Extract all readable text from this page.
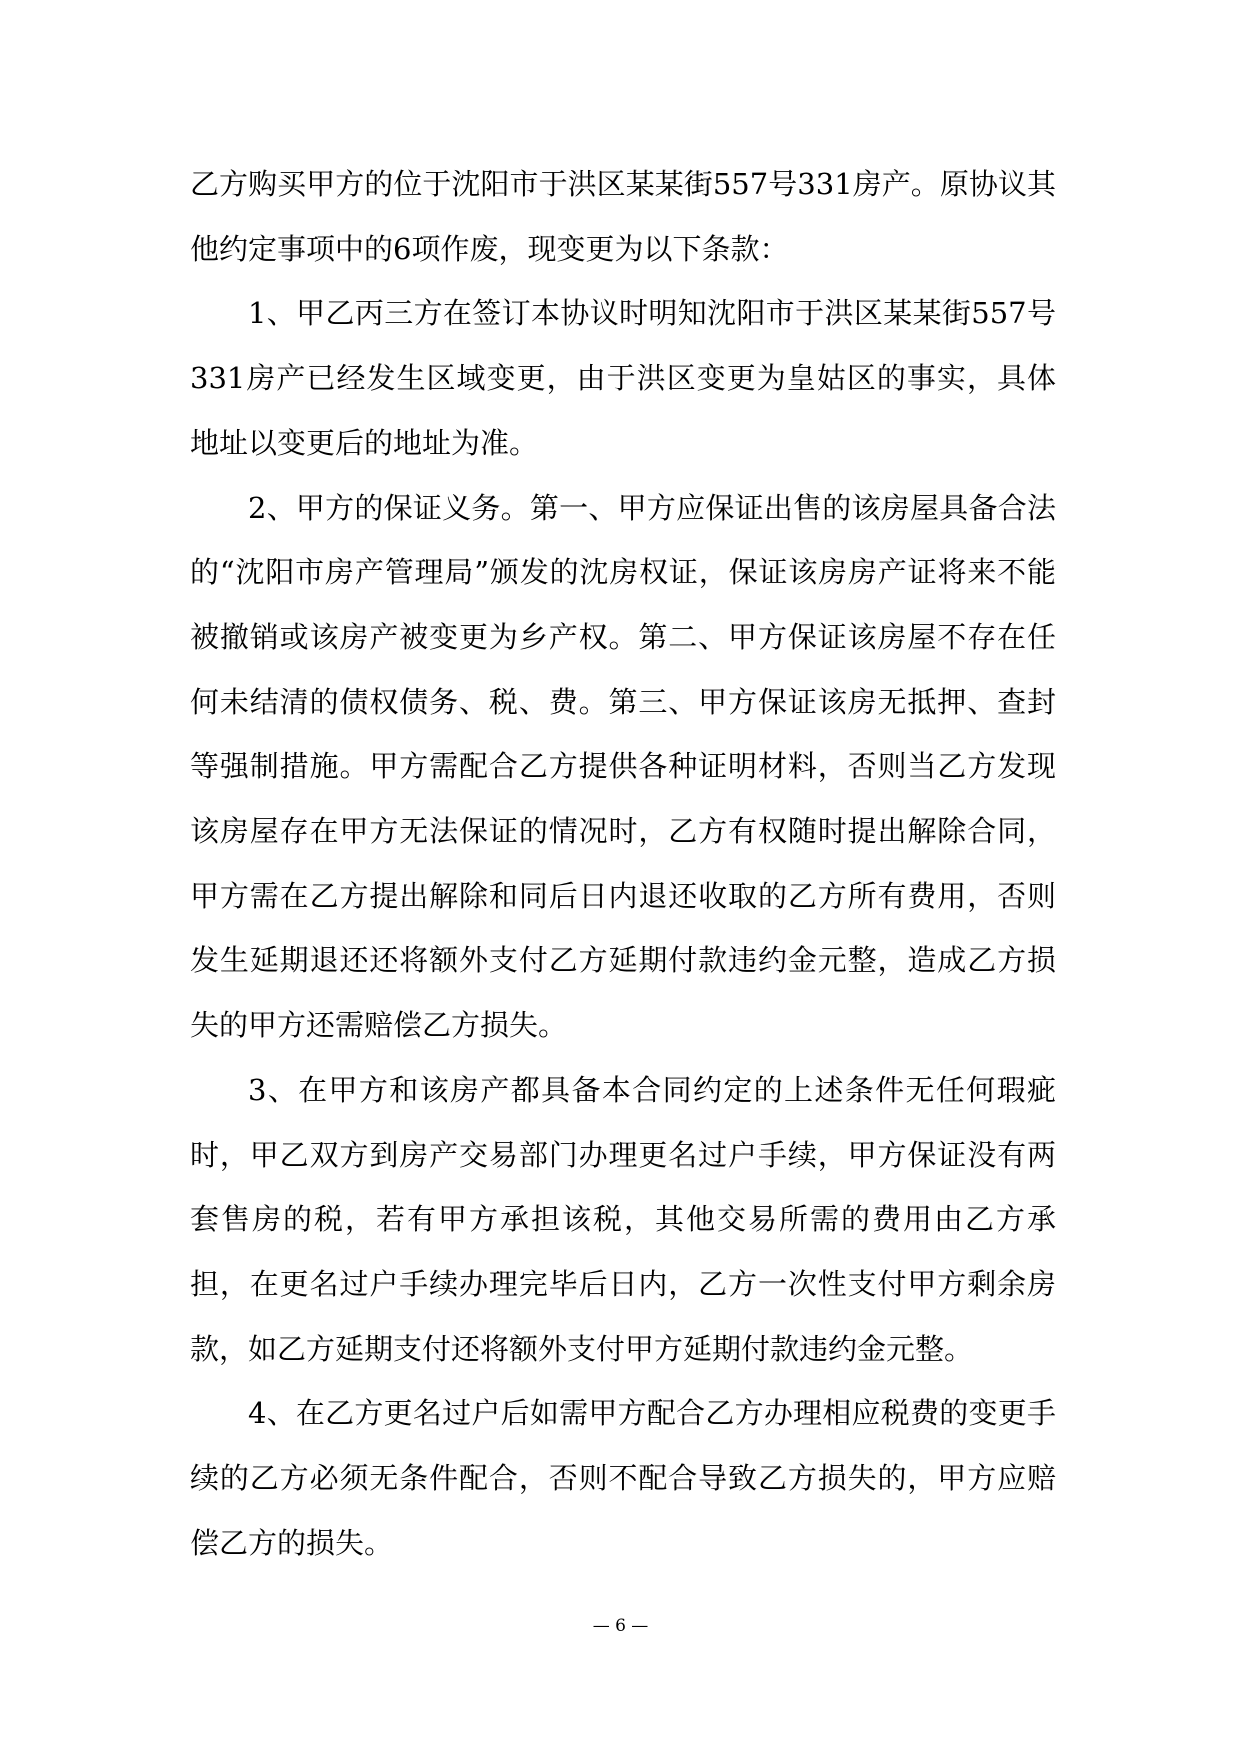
乙方购买甲方的位于沈阳市于洪区某某街557号331房产。原协议其他约定事项中的6项作废，现变更为以下条款：

1、甲乙丙三方在签订本协议时明知沈阳市于洪区某某街557号331房产已经发生区域变更，由于洪区变更为皇姑区的事实，具体地址以变更后的地址为准。

2、甲方的保证义务。第一、甲方应保证出售的该房屋具备合法的“沈阳市房产管理局”颁发的沈房权证，保证该房房产证将来不能被撤销或该房产被变更为乡产权。第二、甲方保证该房屋不存在任何未结清的债权债务、税、费。第三、甲方保证该房无抵押、查封等强制措施。甲方需配合乙方提供各种证明材料，否则当乙方发现该房屋存在甲方无法保证的情况时，乙方有权随时提出解除合同，甲方需在乙方提出解除和同后日内退还收取的乙方所有费用，否则发生延期退还还将额外支付乙方延期付款违约金元整，造成乙方损失的甲方还需赔偿乙方损失。

3、在甲方和该房产都具备本合同约定的上述条件无任何瑕疵时，甲乙双方到房产交易部门办理更名过户手续，甲方保证没有两套售房的税，若有甲方承担该税，其他交易所需的费用由乙方承担，在更名过户手续办理完毕后日内，乙方一次性支付甲方剩余房款，如乙方延期支付还将额外支付甲方延期付款违约金元整。

4、在乙方更名过户后如需甲方配合乙方办理相应税费的变更手续的乙方必须无条件配合，否则不配合导致乙方损失的，甲方应赔偿乙方的损失。

— 6 —
